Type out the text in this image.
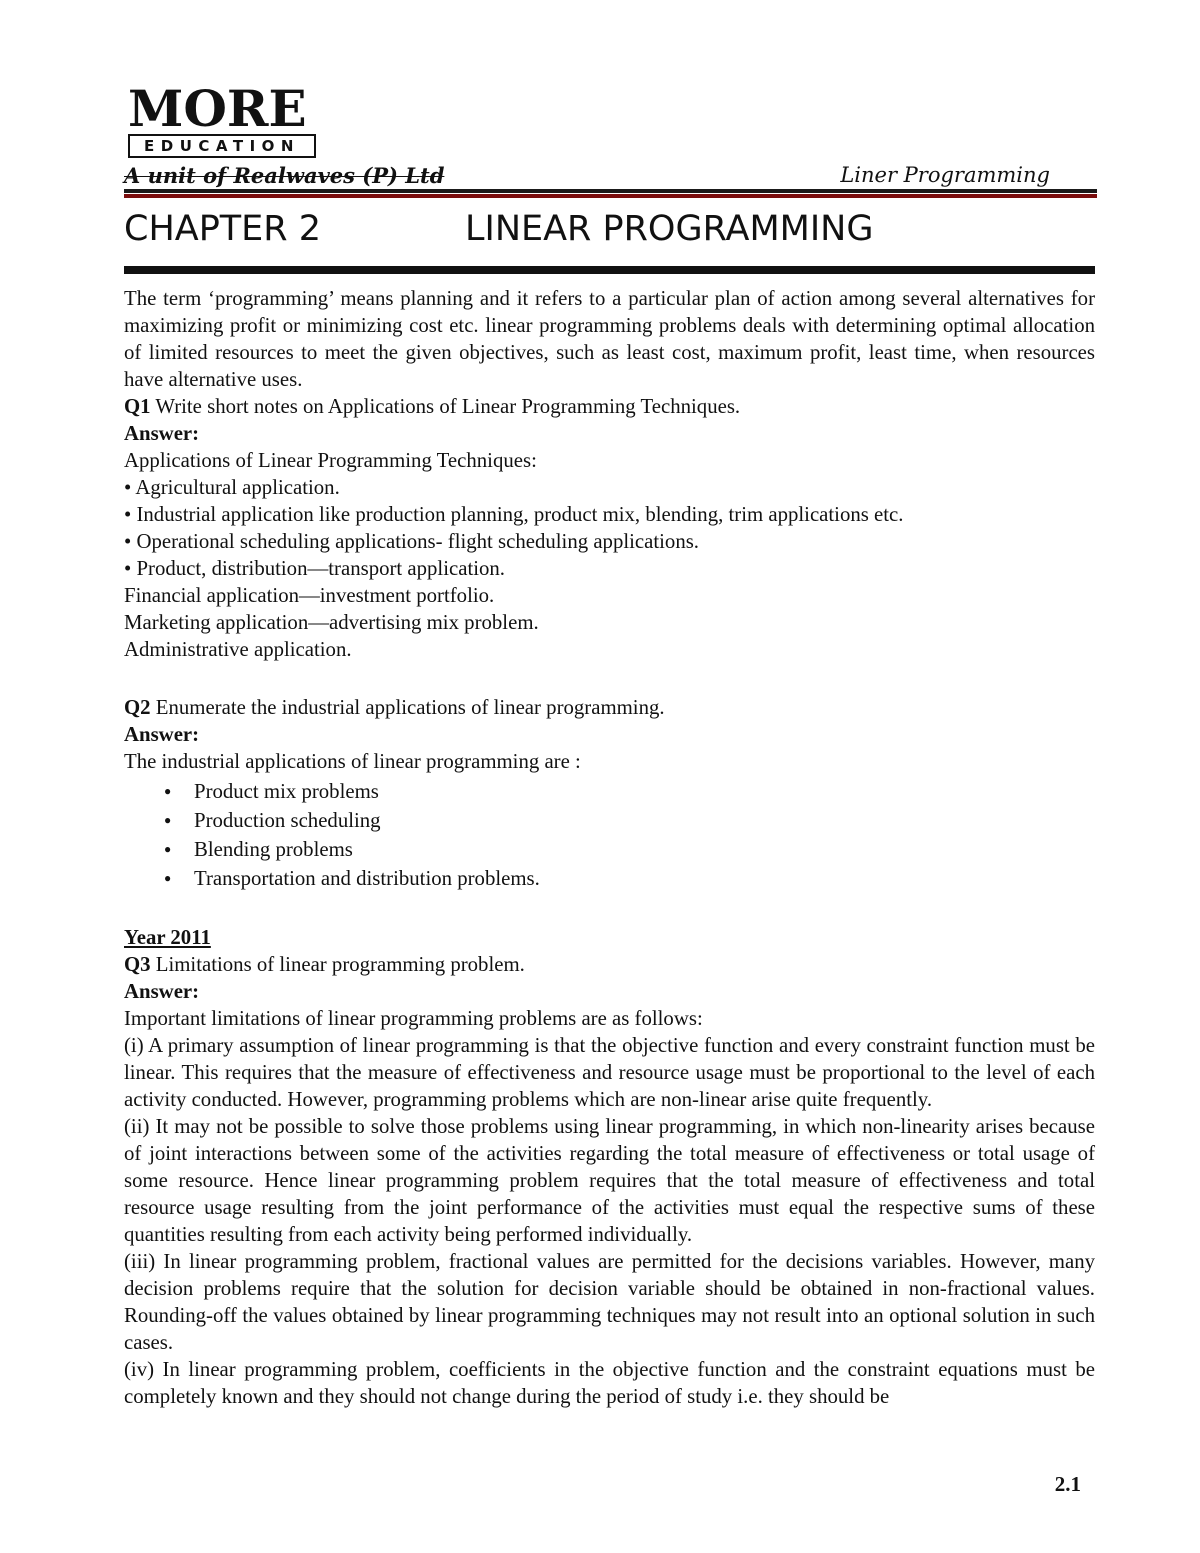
MORE
EDUCATION
A unit of Realwaves (P) Ltd	Liner Programming
CHAPTER 2	LINEAR PROGRAMMING

The term ‘programming’ means planning and it refers to a particular plan of action among several alternatives for maximizing profit or minimizing cost etc. linear programming problems deals with determining optimal allocation of limited resources to meet the given objectives, such as least cost, maximum profit, least time, when resources have alternative uses.

Q1 Write short notes on Applications of Linear Programming Techniques.

Answer:

Applications of Linear Programming Techniques:

• Agricultural application.

• Industrial application like production planning, product mix, blending, trim applications etc.

• Operational scheduling applications- flight scheduling applications.

• Product, distribution—transport application.

Financial application—investment portfolio.

Marketing application—advertising mix problem.

Administrative application.

Q2 Enumerate the industrial applications of linear programming.

Answer:

The industrial applications of linear programming are :

● Product mix problems
● Production scheduling
● Blending problems
● Transportation and distribution problems.

Year 2011

Q3 Limitations of linear programming problem.

Answer:

Important limitations of linear programming problems are as follows:

(i) A primary assumption of linear programming is that the objective function and every constraint function must be linear. This requires that the measure of effectiveness and resource usage must be proportional to the level of each activity conducted. However, programming problems which are non-linear arise quite frequently.

(ii) It may not be possible to solve those problems using linear programming, in which non-linearity arises because of joint interactions between some of the activities regarding the total measure of effectiveness or total usage of some resource. Hence linear programming problem requires that the total measure of effectiveness and total resource usage resulting from the joint performance of the activities must equal the respective sums of these quantities resulting from each activity being performed individually.

(iii) In linear programming problem, fractional values are permitted for the decisions variables. However, many decision problems require that the solution for decision variable should be obtained in non-fractional values. Rounding-off the values obtained by linear programming techniques may not result into an optional solution in such cases.

(iv) In linear programming problem, coefficients in the objective function and the constraint equations must be completely known and they should not change during the period of study i.e. they should be

2.1
